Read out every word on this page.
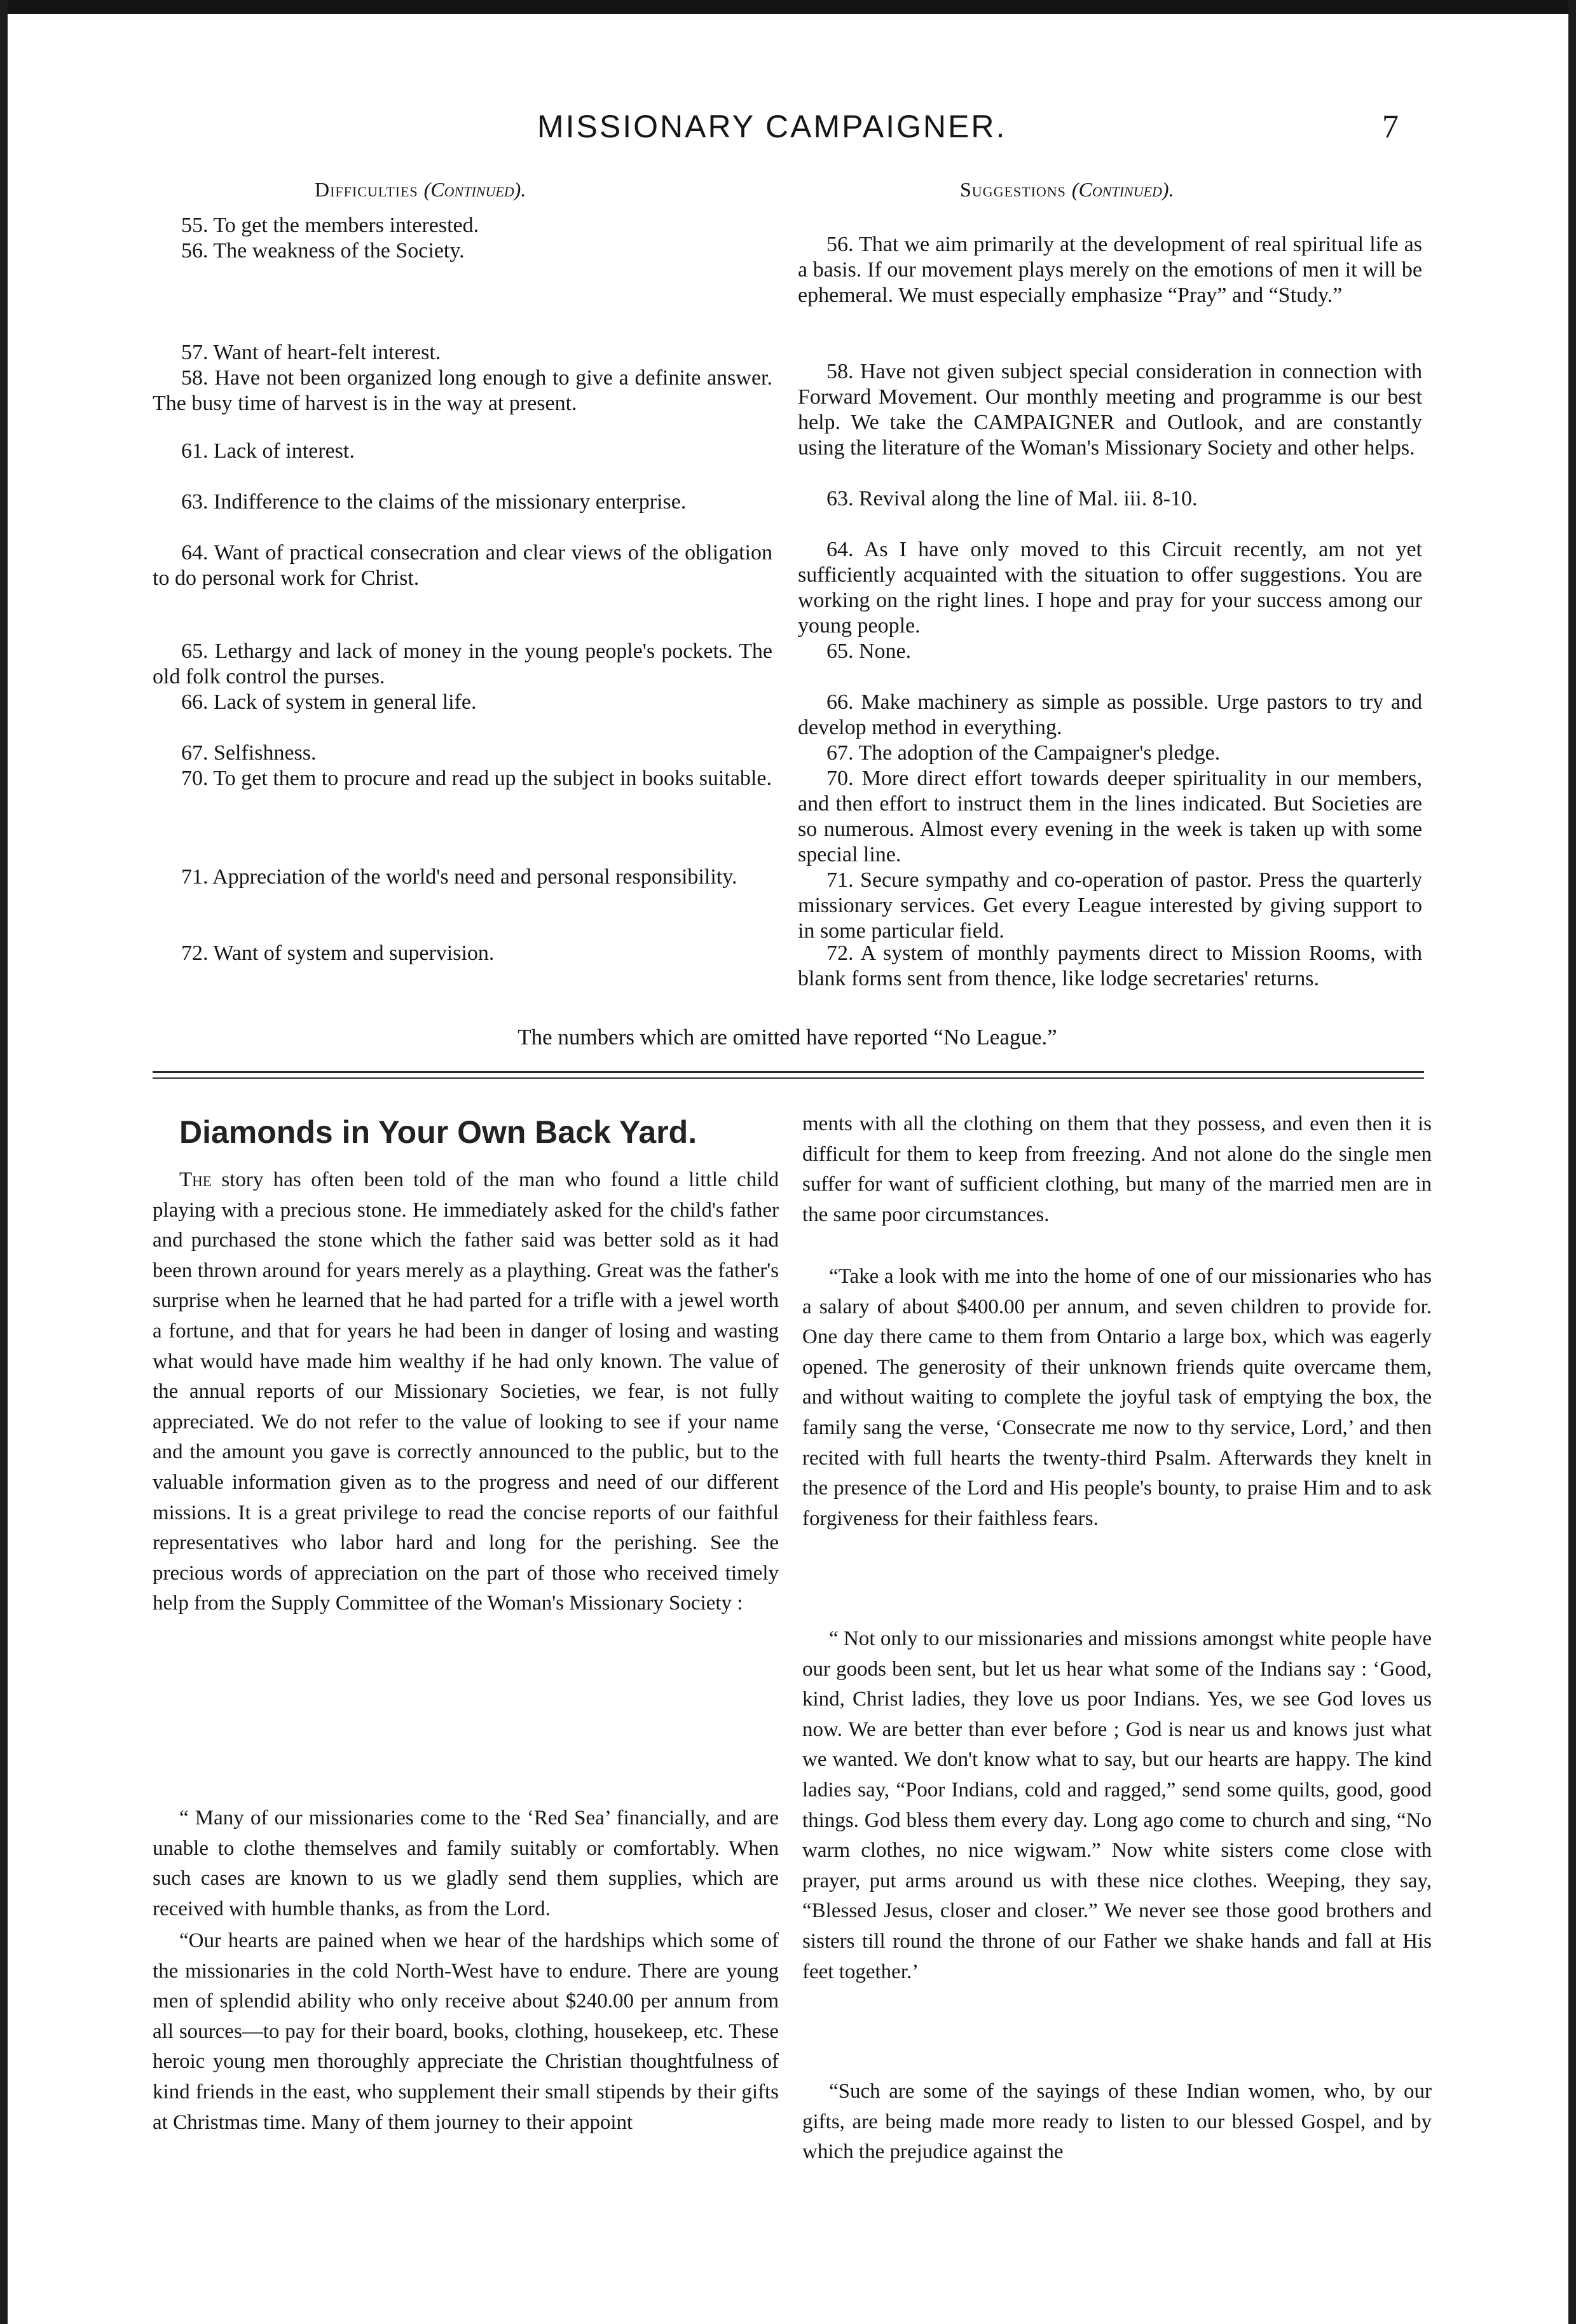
MISSIONARY CAMPAIGNER.	7
Difficulties (Continued).	Suggestions (Continued).
55. To get the members interested.
56. The weakness of the Society.
57. Want of heart-felt interest.
58. Have not been organized long enough to give a definite answer. The busy time of harvest is in the way at present.
61. Lack of interest.
63. Indifference to the claims of the missionary enterprise.
64. Want of practical consecration and clear views of the obligation to do personal work for Christ.
65. Lethargy and lack of money in the young people's pockets. The old folk control the purses.
66. Lack of system in general life.
67. Selfishness.
70. To get them to procure and read up the subject in books suitable.
71. Appreciation of the world's need and personal responsibility.
72. Want of system and supervision.
56. That we aim primarily at the development of real spiritual life as a basis. If our movement plays merely on the emotions of men it will be ephemeral. We must especially emphasize “Pray” and “Study.”
58. Have not given subject special consideration in connection with Forward Movement. Our monthly meeting and programme is our best help. We take the CAMPAIGNER and Outlook, and are constantly using the literature of the Woman's Missionary Society and other helps.
63. Revival along the line of Mal. iii. 8-10.
64. As I have only moved to this Circuit recently, am not yet sufficiently acquainted with the situation to offer suggestions. You are working on the right lines. I hope and pray for your success among our young people.
65. None.
66. Make machinery as simple as possible. Urge pastors to try and develop method in everything.
67. The adoption of the Campaigner's pledge.
70. More direct effort towards deeper spirituality in our members, and then effort to instruct them in the lines indicated. But Societies are so numerous. Almost every evening in the week is taken up with some special line.
71. Secure sympathy and co-operation of pastor. Press the quarterly missionary services. Get every League interested by giving support to in some particular field.
72. A system of monthly payments direct to Mission Rooms, with blank forms sent from thence, like lodge secretaries' returns.
The numbers which are omitted have reported “No League.”
Diamonds in Your Own Back Yard.
The story has often been told of the man who found a little child playing with a precious stone. He immediately asked for the child's father and purchased the stone which the father said was better sold as it had been thrown around for years merely as a plaything. Great was the father's surprise when he learned that he had parted for a trifle with a jewel worth a fortune, and that for years he had been in danger of losing and wasting what would have made him wealthy if he had only known. The value of the annual reports of our Missionary Societies, we fear, is not fully appreciated. We do not refer to the value of looking to see if your name and the amount you gave is correctly announced to the public, but to the valuable information given as to the progress and need of our different missions. It is a great privilege to read the concise reports of our faithful representatives who labor hard and long for the perishing. See the precious words of appreciation on the part of those who received timely help from the Supply Committee of the Woman's Missionary Society :
“ Many of our missionaries come to the ‘Red Sea’ financially, and are unable to clothe themselves and family suitably or comfortably. When such cases are known to us we gladly send them supplies, which are received with humble thanks, as from the Lord.
“Our hearts are pained when we hear of the hardships which some of the missionaries in the cold North-West have to endure. There are young men of splendid ability who only receive about $240.00 per annum from all sources—to pay for their board, books, clothing, housekeep, etc. These heroic young men thoroughly appreciate the Christian thoughtfulness of kind friends in the east, who supplement their small stipends by their gifts at Christmas time. Many of them journey to their appoint
ments with all the clothing on them that they possess, and even then it is difficult for them to keep from freezing. And not alone do the single men suffer for want of sufficient clothing, but many of the married men are in the same poor circumstances.
“Take a look with me into the home of one of our missionaries who has a salary of about $400.00 per annum, and seven children to provide for. One day there came to them from Ontario a large box, which was eagerly opened. The generosity of their unknown friends quite overcame them, and without waiting to complete the joyful task of emptying the box, the family sang the verse, ‘Consecrate me now to thy service, Lord,’ and then recited with full hearts the twenty-third Psalm. Afterwards they knelt in the presence of the Lord and His people's bounty, to praise Him and to ask forgiveness for their faithless fears.
“ Not only to our missionaries and missions amongst white people have our goods been sent, but let us hear what some of the Indians say : ‘Good, kind, Christ ladies, they love us poor Indians. Yes, we see God loves us now. We are better than ever before ; God is near us and knows just what we wanted. We don't know what to say, but our hearts are happy. The kind ladies say, “Poor Indians, cold and ragged,” send some quilts, good, good things. God bless them every day. Long ago come to church and sing, “No warm clothes, no nice wigwam.” Now white sisters come close with prayer, put arms around us with these nice clothes. Weeping, they say, “Blessed Jesus, closer and closer.” We never see those good brothers and sisters till round the throne of our Father we shake hands and fall at His feet together.’
“Such are some of the sayings of these Indian women, who, by our gifts, are being made more ready to listen to our blessed Gospel, and by which the prejudice against the
